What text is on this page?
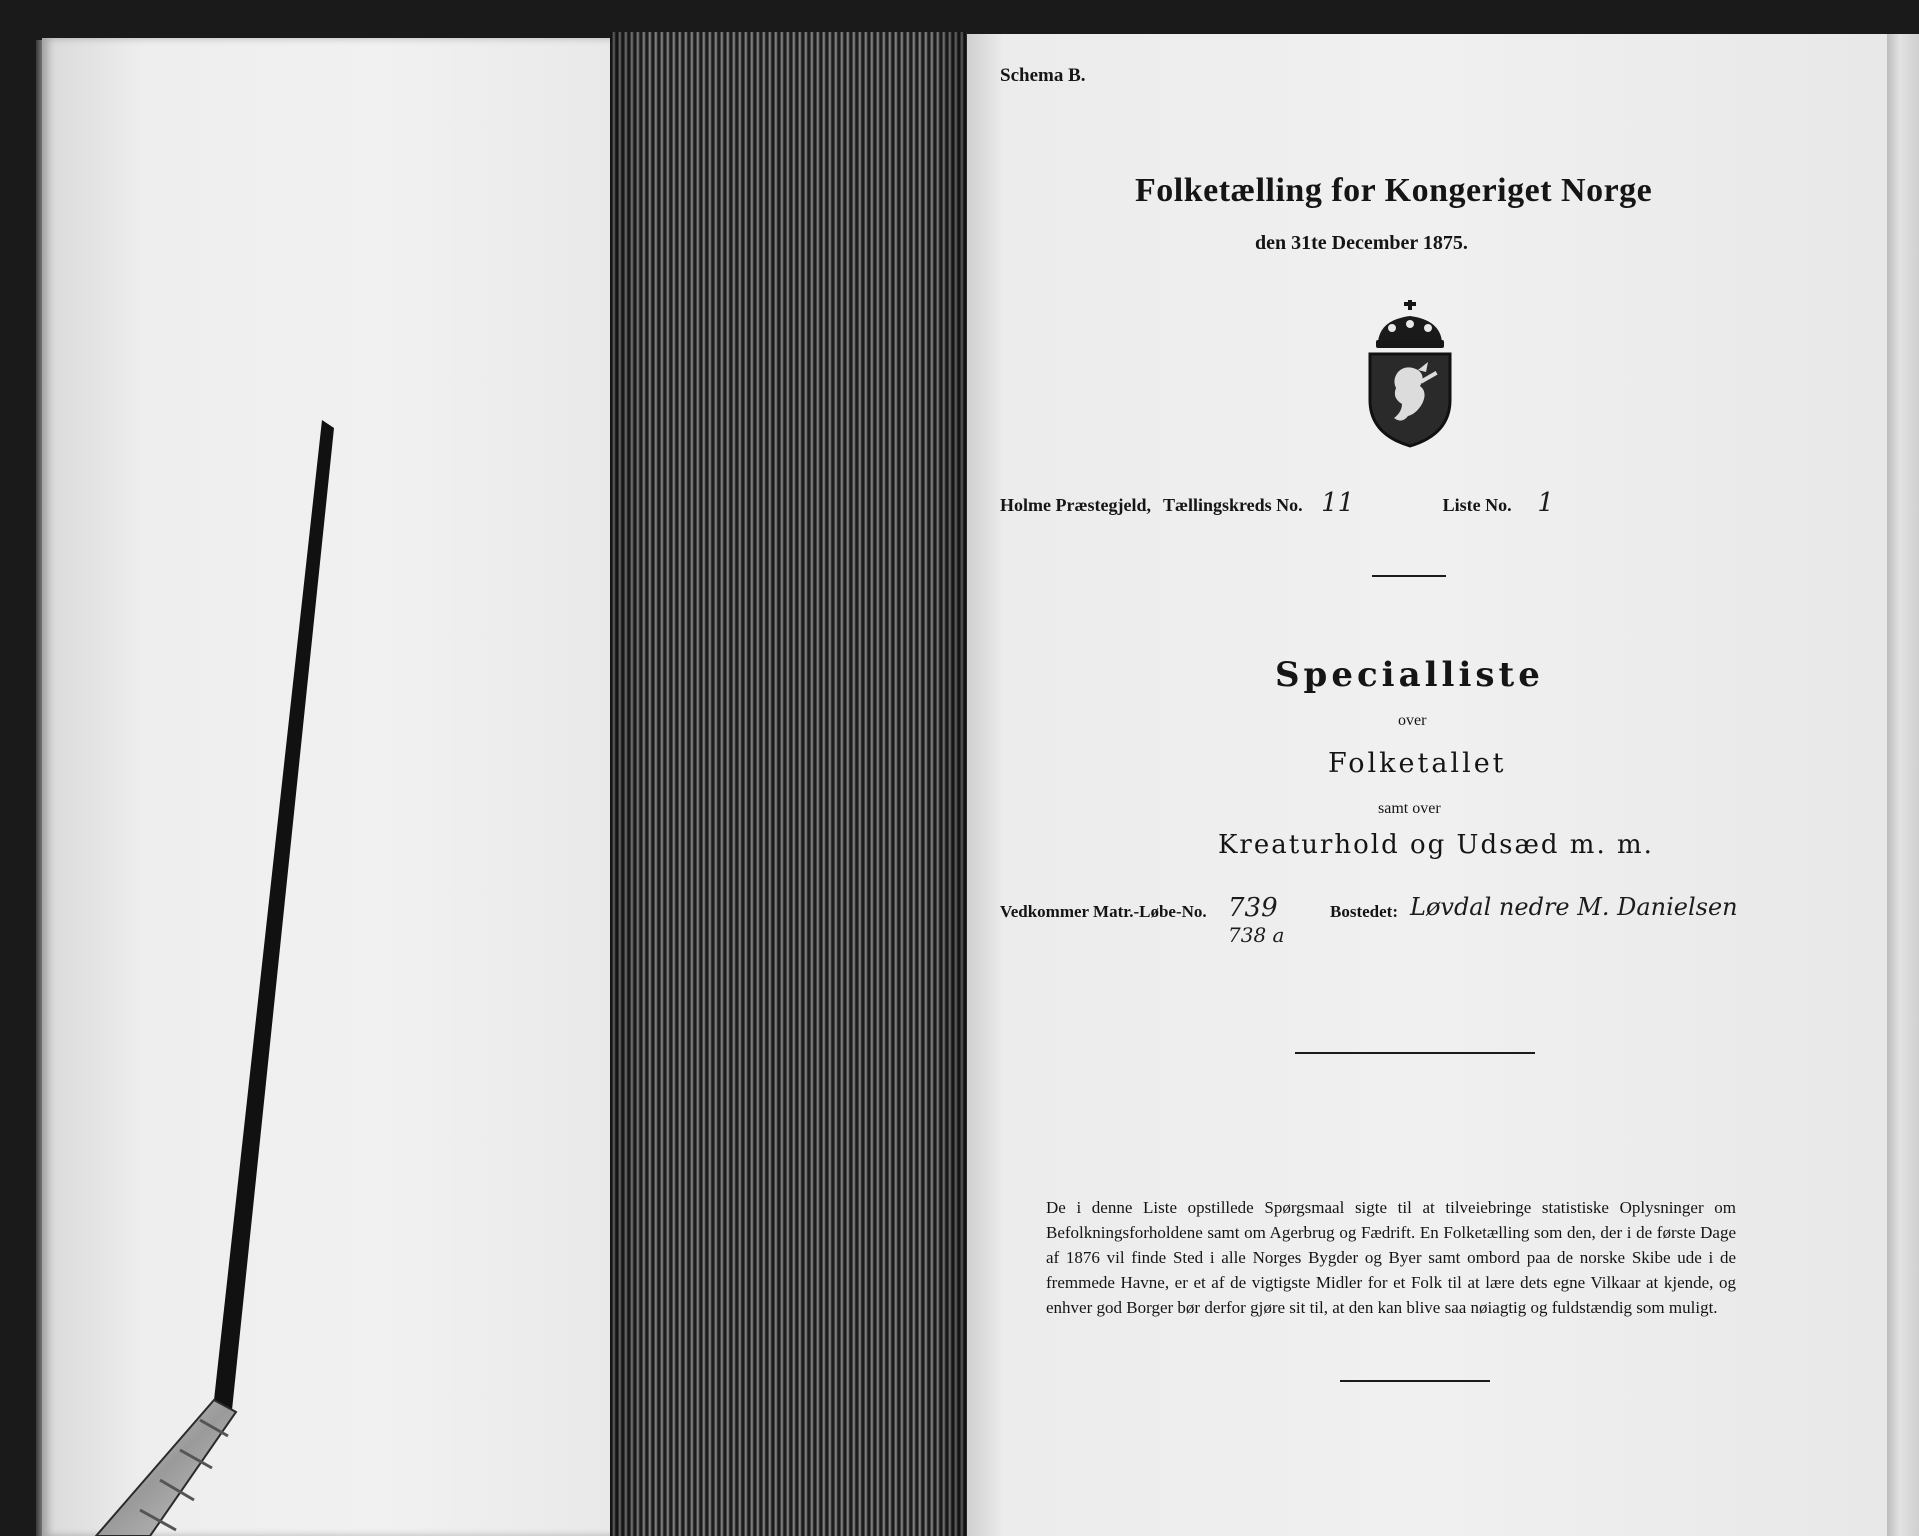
Schema B.
Folketælling for Kongeriget Norge
den 31te December 1875.
Holme Præstegjeld, Tællingskreds No. 11	Liste No. 1
Specialliste
over
Folketallet
samt over
Kreaturhold og Udsæd m. m.
Vedkommer Matr.-Løbe-No. 739
738 a
Bostedet: Løvdal nedre M. Danielsen
De i denne Liste opstillede Spørgsmaal sigte til at tilveiebringe statistiske Oplysninger om Befolkningsforholdene samt om Agerbrug og Fædrift. En Folketælling som den, der i de første Dage af 1876 vil finde Sted i alle Norges Bygder og Byer samt ombord paa de norske Skibe ude i de fremmede Havne, er et af de vigtigste Midler for et Folk til at lære dets egne Vilkaar at kjende, og enhver god Borger bør derfor gjøre sit til, at den kan blive saa nøiagtig og fuldstændig som muligt.
